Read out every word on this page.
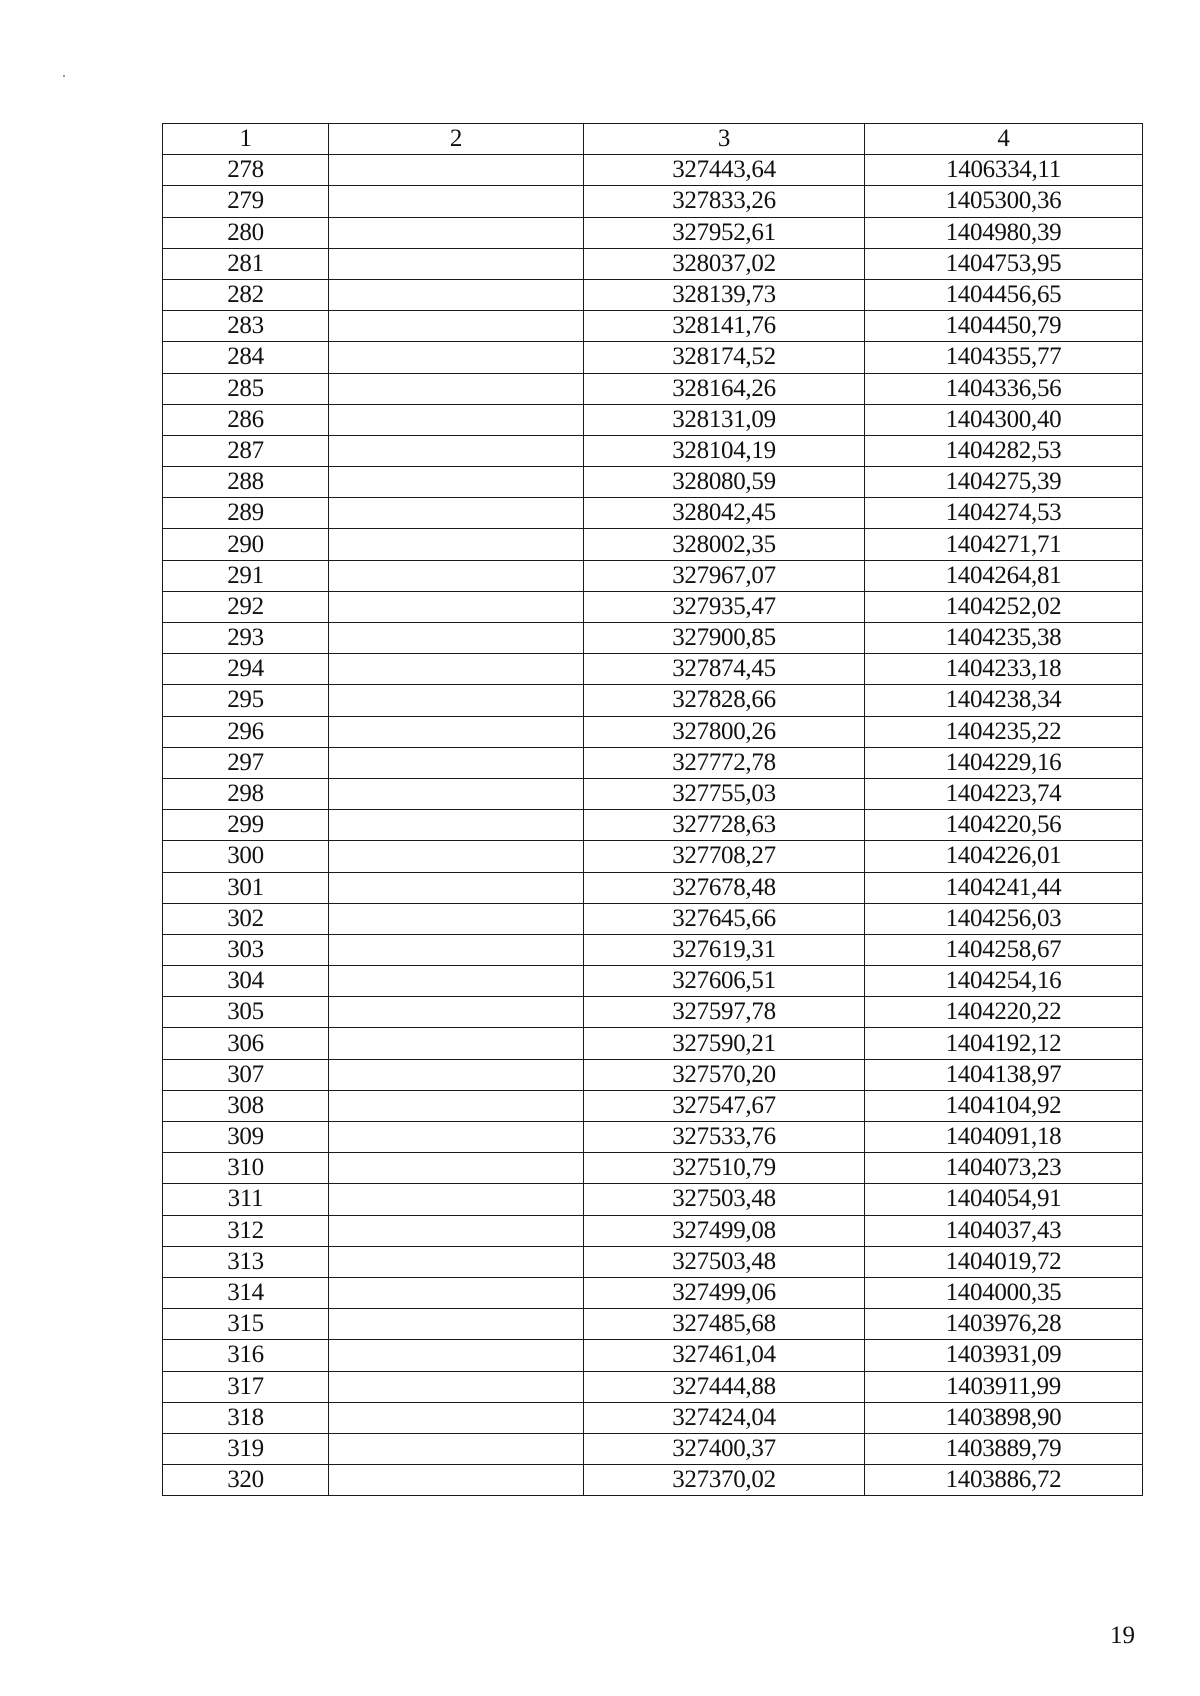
1	2	3	4
278		327443,64	1406334,11
279		327833,26	1405300,36
280		327952,61	1404980,39
281		328037,02	1404753,95
282		328139,73	1404456,65
283		328141,76	1404450,79
284		328174,52	1404355,77
285		328164,26	1404336,56
286		328131,09	1404300,40
287		328104,19	1404282,53
288		328080,59	1404275,39
289		328042,45	1404274,53
290		328002,35	1404271,71
291		327967,07	1404264,81
292		327935,47	1404252,02
293		327900,85	1404235,38
294		327874,45	1404233,18
295		327828,66	1404238,34
296		327800,26	1404235,22
297		327772,78	1404229,16
298		327755,03	1404223,74
299		327728,63	1404220,56
300		327708,27	1404226,01
301		327678,48	1404241,44
302		327645,66	1404256,03
303		327619,31	1404258,67
304		327606,51	1404254,16
305		327597,78	1404220,22
306		327590,21	1404192,12
307		327570,20	1404138,97
308		327547,67	1404104,92
309		327533,76	1404091,18
310		327510,79	1404073,23
311		327503,48	1404054,91
312		327499,08	1404037,43
313		327503,48	1404019,72
314		327499,06	1404000,35
315		327485,68	1403976,28
316		327461,04	1403931,09
317		327444,88	1403911,99
318		327424,04	1403898,90
319		327400,37	1403889,79
320		327370,02	1403886,72
19
